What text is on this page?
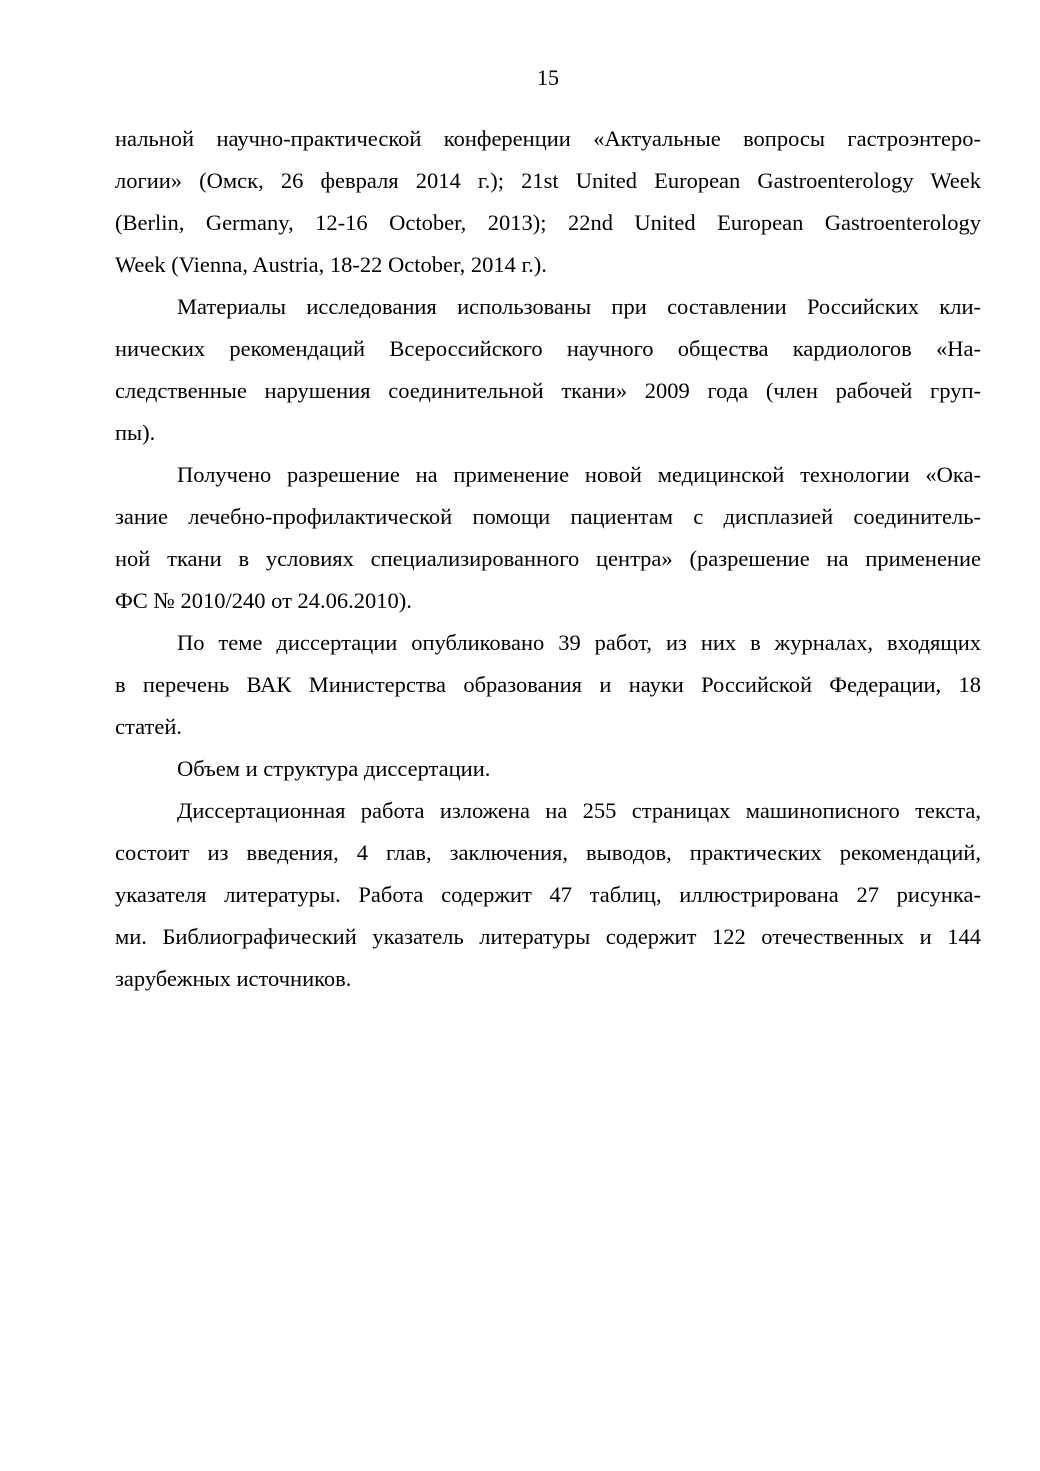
15

нальной научно-практической конференции «Актуальные вопросы гастроэнтеро-
логии» (Омск, 26 февраля 2014 г.); 21st United European Gastroenterology Week
(Berlin, Germany, 12-16 October, 2013); 22nd United European Gastroenterology
Week (Vienna, Austria, 18-22 October, 2014 г.).

Материалы исследования использованы при составлении Российских кли-
нических рекомендаций Всероссийского научного общества кардиологов «На-
следственные нарушения соединительной ткани» 2009 года (член рабочей груп-
пы).

Получено разрешение на применение новой медицинской технологии «Ока-
зание лечебно-профилактической помощи пациентам с дисплазией соединитель-
ной ткани в условиях специализированного центра» (разрешение на применение
ФС № 2010/240 от 24.06.2010).

По теме диссертации опубликовано 39 работ, из них в журналах, входящих
в перечень ВАК Министерства образования и науки Российской Федерации, 18
статей.

Объем и структура диссертации.

Диссертационная работа изложена на 255 страницах машинописного текста,
состоит из введения, 4 глав, заключения, выводов, практических рекомендаций,
указателя литературы. Работа содержит 47 таблиц, иллюстрирована 27 рисунка-
ми. Библиографический указатель литературы содержит 122 отечественных и 144
зарубежных источников.
